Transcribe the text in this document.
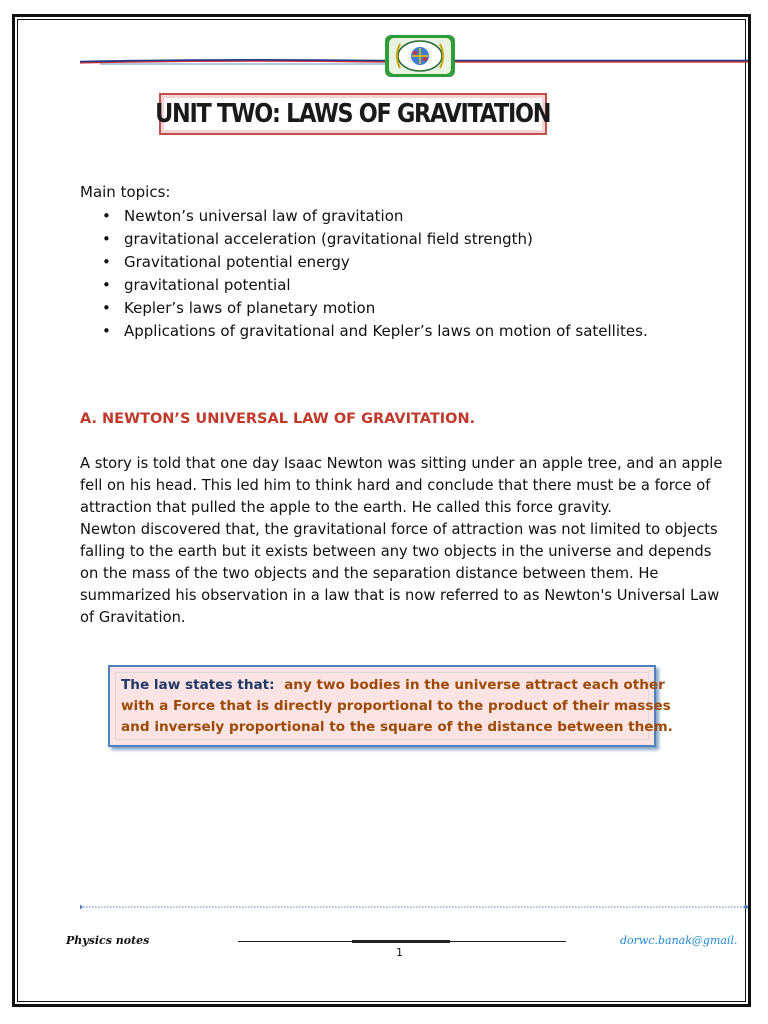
UNIT TWO: LAWS OF GRAVITATION
Main topics:
• Newton’s universal law of gravitation
• gravitational acceleration (gravitational field strength)
• Gravitational potential energy
• gravitational potential
• Kepler’s laws of planetary motion
• Applications of gravitational and Kepler’s laws on motion of satellites.
A. NEWTON’S UNIVERSAL LAW OF GRAVITATION.

A story is told that one day Isaac Newton was sitting under an apple tree, and an apple fell on his head. This led him to think hard and conclude that there must be a force of attraction that pulled the apple to the earth. He called this force gravity.

Newton discovered that, the gravitational force of attraction was not limited to objects falling to the earth but it exists between any two objects in the universe and depends on the mass of the two objects and the separation distance between them. He summarized his observation in a law that is now referred to as Newton's Universal Law of Gravitation.

The law states that: any two bodies in the universe attract each other
with a Force that is directly proportional to the product of their masses
and inversely proportional to the square of the distance between them.

Physics notes
1
dorwc.banak@gmail.
